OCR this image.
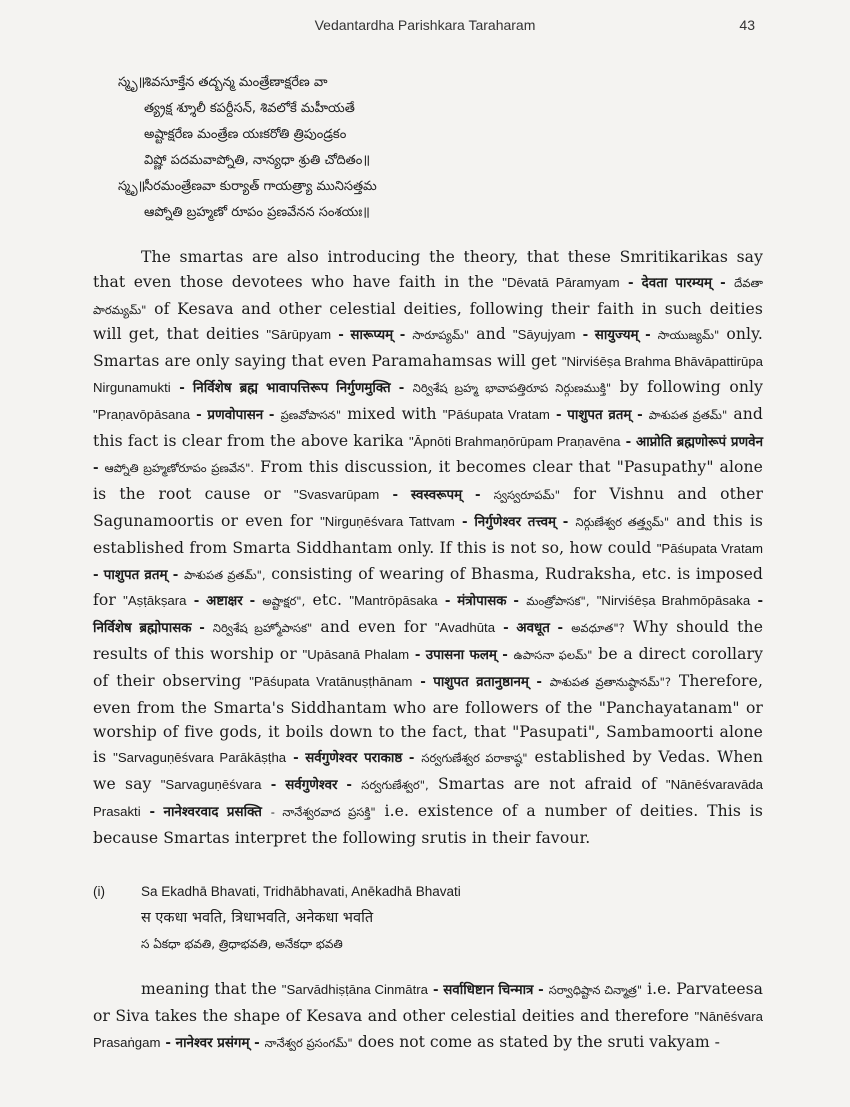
Vedantardha Parishkara Taraharam	43
స్మృ॥
శివసూక్తేన తద్బన్మ మంత్రేణాక్షరేణ వా
త్య్రక్ష శ్శూలీ కపర్దీసన్‌, శివలోకే మహీయతే
అష్టాక్షరేణ మంత్రేణ యఃకరోతి త్రిపుండ్రకం
విష్ణో పదమవాప్నోతి, నాన్యధా శ్రుతి చోదితం॥
స్మృ॥
సీరమంత్రేణవా కుర్యాత్‌ గాయత్ర్యా మునిసత్తమ
ఆప్నోతి బ్రహ్మణో రూపం ప్రణవేనన సంశయః॥

The smartas are also introducing the theory, that these Smritikarikas say that even those devotees who have faith in the "Dēvatā Pāramyam - देवता पारम्यम् - దేవతా పారమ్యమ్" of Kesava and other celestial deities, following their faith in such deities will get, that deities "Sārūpyam - सारूप्यम् - సారూప్యమ్" and "Sāyujyam - सायुज्यम् - సాయుజ్యమ్" only. Smartas are only saying that even Paramahamsas will get "Nirviśēṣa Brahma Bhāvāpattirūpa Nirgunamukti - निर्विशेष ब्रह्म भावापत्तिरूप निर्गुणमुक्ति - నిర్విశేష బ్రహ్మ భావాపత్తిరూప నిర్గుణముక్తి" by following only "Praṇavōpāsana - प्रणवोपासन - ప్రణవోపాసన" mixed with "Pāśupata Vratam - पाशुपत व्रतम् - పాశుపత వ్రతమ్" and this fact is clear from the above karika "Āpnōti Brahmaṇōrūpam Praṇavēna - आप्नोति ब्रह्मणोरूपं प्रणवेन - ఆప్నోతి బ్రహ్మణోరూపం ప్రణవేన". From this discussion, it becomes clear that "Pasupathy" alone is the root cause or "Svasvarūpam - स्वस्वरूपम् - స్వస్వరూపమ్" for Vishnu and other Sagunamoortis or even for "Nirguṇēśvara Tattvam - निर्गुणेश्वर तत्त्वम् - నిర్గుణేశ్వర తత్త్వమ్" and this is established from Smarta Siddhantam only. If this is not so, how could "Pāśupata Vratam - पाशुपत व्रतम् - పాశుపత వ్రతమ్", consisting of wearing of Bhasma, Rudraksha, etc. is imposed for "Aṣṭākṣara - अष्टाक्षर - అష్టాక్షర", etc. "Mantrōpāsaka - मंत्रोपासक - మంత్రోపాసక", "Nirviśēṣa Brahmōpāsaka - निर्विशेष ब्रह्मोपासक - నిర్విశేష బ్రహ్మోపాసక" and even for "Avadhūta - अवधूत - అవధూత"? Why should the results of this worship or "Upāsanā Phalam - उपासना फलम् - ఉపాసనా ఫలమ్" be a direct corollary of their observing "Pāśupata Vratānuṣṭhānam - पाशुपत व्रतानुष्ठानम् - పాశుపత వ్రతానుష్ఠానమ్"? Therefore, even from the Smarta's Siddhantam who are followers of the "Panchayatanam" or worship of five gods, it boils down to the fact, that "Pasupati", Sambamoorti alone is "Sarvaguṇēśvara Parākāṣṭha - सर्वगुणेश्वर पराकाष्ठ - సర్వగుణేశ్వర పరాకాష్ఠ" established by Vedas. When we say "Sarvaguṇēśvara - सर्वगुणेश्वर - సర్వగుణేశ్వర", Smartas are not afraid of "Nānēśvaravāda Prasakti - नानेश्वरवाद प्रसक्ति - నానేశ్వరవాద ప్రసక్తి" i.e. existence of a number of deities. This is because Smartas interpret the following srutis in their favour.

(i)	Sa Ekadhā Bhavati, Tridhābhavati, Anēkadhā Bhavati
स एकधा भवति, त्रिधाभवति, अनेकधा भवति
స ఏకధా భవతి, త్రిధాభవతి, అనేకధా భవతి

meaning that the "Sarvādhiṣṭāna Cinmātra - सर्वाधिष्टान चिन्मात्र - సర్వాధిష్టాన చిన్మాత్ర" i.e. Parvateesa or Siva takes the shape of Kesava and other celestial deities and therefore "Nānēśvara Prasaṅgam - नानेश्वर प्रसंगम् - నానేశ్వర ప్రసంగమ్" does not come as stated by the sruti vakyam -
